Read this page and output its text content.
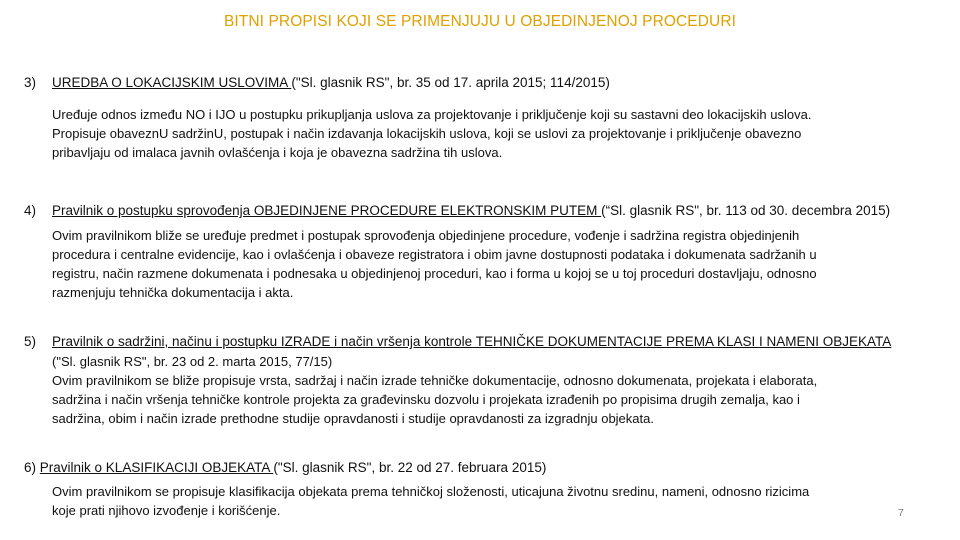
BITNI PROPISI KOJI SE PRIMENJUJU U OBJEDINJENOJ PROCEDURI
3) UREDBA O LOKACIJSKIM USLOVIMA ("Sl. glasnik RS", br. 35 od 17. aprila 2015; 114/2015)
Uređuje odnos između NO i IJO u postupku prikupljanja uslova za projektovanje i priključenje koji su sastavni deo lokacijskih uslova.
Propisuje obaveznU sadržinU, postupak i način izdavanja lokacijskih uslova, koji se uslovi za projektovanje i priključenje obavezno
pribavljaju od imalaca javnih ovlašćenja i koja je obavezna sadržina tih uslova.
4) Pravilnik o postupku sprovođenja OBJEDINJENE PROCEDURE ELEKTRONSKIM PUTEM (“Sl. glasnik RS", br. 113 od 30. decembra 2015)
Ovim pravilnikom bliže se uređuje predmet i postupak sprovođenja objedinjene procedure, vođenje i sadržina registra objedinjenih
procedura i centralne evidencije, kao i ovlašćenja i obaveze registratora i obim javne dostupnosti podataka i dokumenata sadržanih u
registru, način razmene dokumenata i podnesaka u objedinjenoj proceduri, kao i forma u kojoj se u toj proceduri dostavljaju, odnosno
razmenjuju tehnička dokumentacija i akta.
5) Pravilnik o sadržini, načinu i postupku IZRADE i način vršenja kontrole TEHNIČKE DOKUMENTACIJE PREMA KLASI I NAMENI OBJEKATA
("Sl. glasnik RS", br. 23 od 2. marta 2015, 77/15)
Ovim pravilnikom se bliže propisuje vrsta, sadržaj i način izrade tehničke dokumentacije, odnosno dokumenata, projekata i elaborata,
sadržina i način vršenja tehničke kontrole projekta za građevinsku dozvolu i projekata izrađenih po propisima drugih zemalja, kao i
sadržina, obim i način izrade prethodne studije opravdanosti i studije opravdanosti za izgradnju objekata.
6) Pravilnik o KLASIFIKACIJI OBJEKATA ("Sl. glasnik RS", br. 22 od 27. februara 2015)
Ovim pravilnikom se propisuje klasifikacija objekata prema tehničkoj složenosti, uticajuna životnu sredinu, nameni, odnosno rizicima
koje prati njihovo izvođenje i korišćenje.	7
